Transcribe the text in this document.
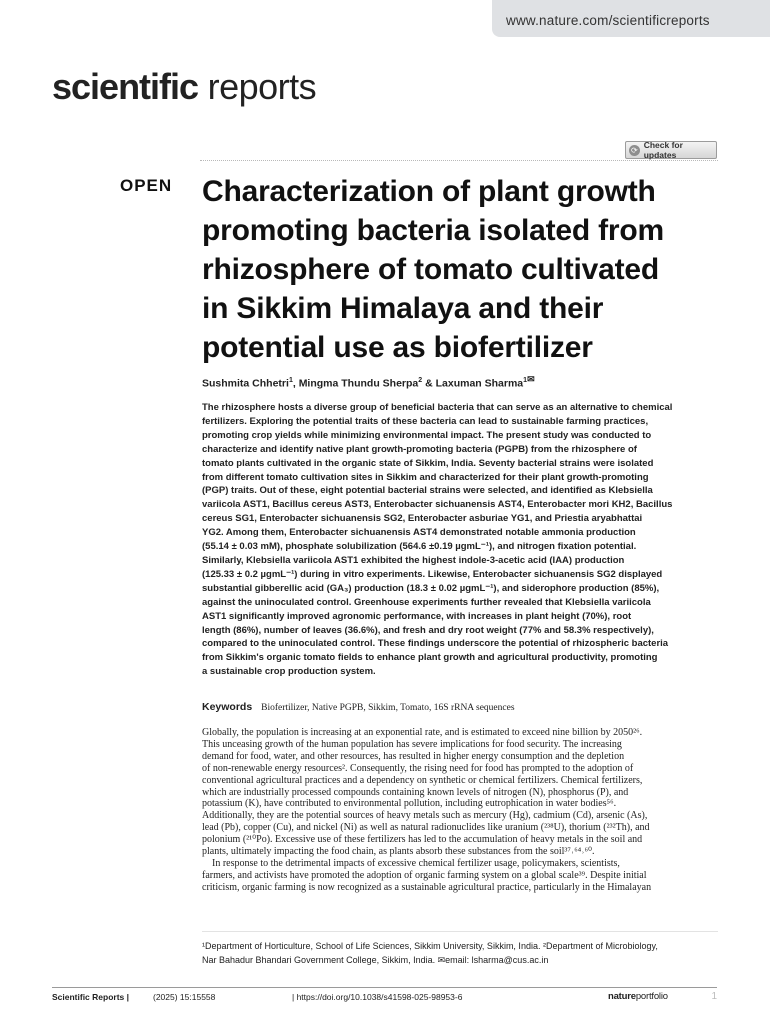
www.nature.com/scientificreports
scientific reports
⟳ Check for updates
OPEN Characterization of plant growth
promoting bacteria isolated from
rhizosphere of tomato cultivated
in Sikkim Himalaya and their
potential use as biofertilizer
Sushmita Chhetri$^1$, Mingma Thundu Sherpa$^2$ & Laxuman Sharma$^1$✉
The rhizosphere hosts a diverse group of beneficial bacteria that can serve as an alternative to chemical
fertilizers. Exploring the potential traits of these bacteria can lead to sustainable farming practices,
promoting crop yields while minimizing environmental impact. The present study was conducted to
characterize and identify native plant growth-promoting bacteria (PGPB) from the rhizosphere of
tomato plants cultivated in the organic state of Sikkim, India. Seventy bacterial strains were isolated
from different tomato cultivation sites in Sikkim and characterized for their plant growth-promoting
(PGP) traits. Out of these, eight potential bacterial strains were selected, and identified as Klebsiella
variicola AST1, Bacillus cereus AST3, Enterobacter sichuanensis AST4, Enterobacter mori KH2, Bacillus
cereus SG1, Enterobacter sichuanensis SG2, Enterobacter asburiae YG1, and Priestia aryabhattai
YG2. Among them, Enterobacter sichuanensis AST4 demonstrated notable ammonia production
(55.14 ± 0.03 mM), phosphate solubilization (564.6 ±0.19 µgmL⁻¹), and nitrogen fixation potential.
Similarly, Klebsiella variicola AST1 exhibited the highest indole-3-acetic acid (IAA) production
(125.33 ± 0.2 µgmL⁻¹) during in vitro experiments. Likewise, Enterobacter sichuanensis SG2 displayed
substantial gibberellic acid (GA₃) production (18.3 ± 0.02 µgmL⁻¹), and siderophore production (85%),
against the uninoculated control. Greenhouse experiments further revealed that Klebsiella variicola
AST1 significantly improved agronomic performance, with increases in plant height (70%), root
length (86%), number of leaves (36.6%), and fresh and dry root weight (77% and 58.3% respectively),
compared to the uninoculated control. These findings underscore the potential of rhizospheric bacteria
from Sikkim's organic tomato fields to enhance plant growth and agricultural productivity, promoting
a sustainable crop production system.
Keywords Biofertilizer, Native PGPB, Sikkim, Tomato, 16S rRNA sequences
Globally, the population is increasing at an exponential rate, and is estimated to exceed nine billion by 2050²⁶.
This unceasing growth of the human population has severe implications for food security. The increasing
demand for food, water, and other resources, has resulted in higher energy consumption and the depletion
of non-renewable energy resources². Consequently, the rising need for food has prompted to the adoption of
conventional agricultural practices and a dependency on synthetic or chemical fertilizers. Chemical fertilizers,
which are industrially processed compounds containing known levels of nitrogen (N), phosphorus (P), and
potassium (K), have contributed to environmental pollution, including eutrophication in water bodies⁵⁶.
Additionally, they are the potential sources of heavy metals such as mercury (Hg), cadmium (Cd), arsenic (As),
lead (Pb), copper (Cu), and nickel (Ni) as well as natural radionuclides like uranium (²³⁸U), thorium (²³²Th), and
polonium (²¹⁰Po). Excessive use of these fertilizers has led to the accumulation of heavy metals in the soil and
plants, ultimately impacting the food chain, as plants absorb these substances from the soil³⁷˒⁶⁴˒⁶⁰.
In response to the detrimental impacts of excessive chemical fertilizer usage, policymakers, scientists,
farmers, and activists have promoted the adoption of organic farming system on a global scale³⁹. Despite initial
criticism, organic farming is now recognized as a sustainable agricultural practice, particularly in the Himalayan
¹Department of Horticulture, School of Life Sciences, Sikkim University, Sikkim, India. ²Department of Microbiology,
Nar Bahadur Bhandari Government College, Sikkim, India. ✉email: lsharma@cus.ac.in
Scientific Reports |	(2025) 15:15558	| https://doi.org/10.1038/s41598-025-98953-6	natureportfolio	1
